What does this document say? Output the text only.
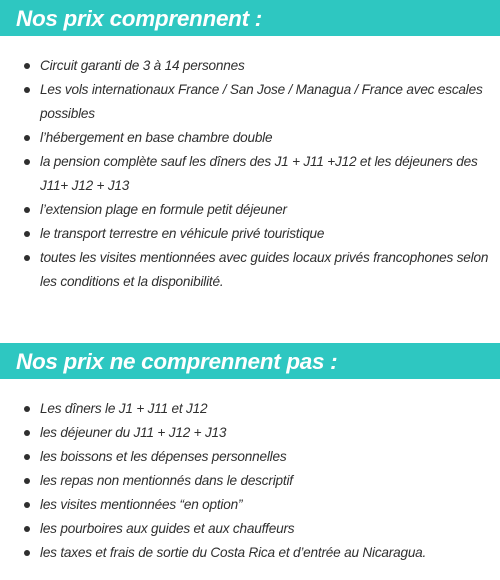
Nos prix comprennent :
Circuit garanti de 3 à 14 personnes
Les vols internationaux France / San Jose / Managua / France avec escales possibles
l’hébergement en base chambre double
la pension complète sauf les dîners des J1 + J11 +J12 et les déjeuners des J11+ J12 + J13
l’extension plage en formule petit déjeuner
le transport terrestre en véhicule privé touristique
toutes les visites mentionnées avec guides locaux privés francophones selon les conditions et la disponibilité.
Nos prix ne comprennent pas :
Les dîners le J1 + J11 et J12
les déjeuner du J11 + J12 + J13
les boissons et les dépenses personnelles
les repas non mentionnés dans le descriptif
les visites mentionnées “en option”
les pourboires aux guides et aux chauffeurs
les taxes et frais de sortie du Costa Rica et d’entrée au Nicaragua.
